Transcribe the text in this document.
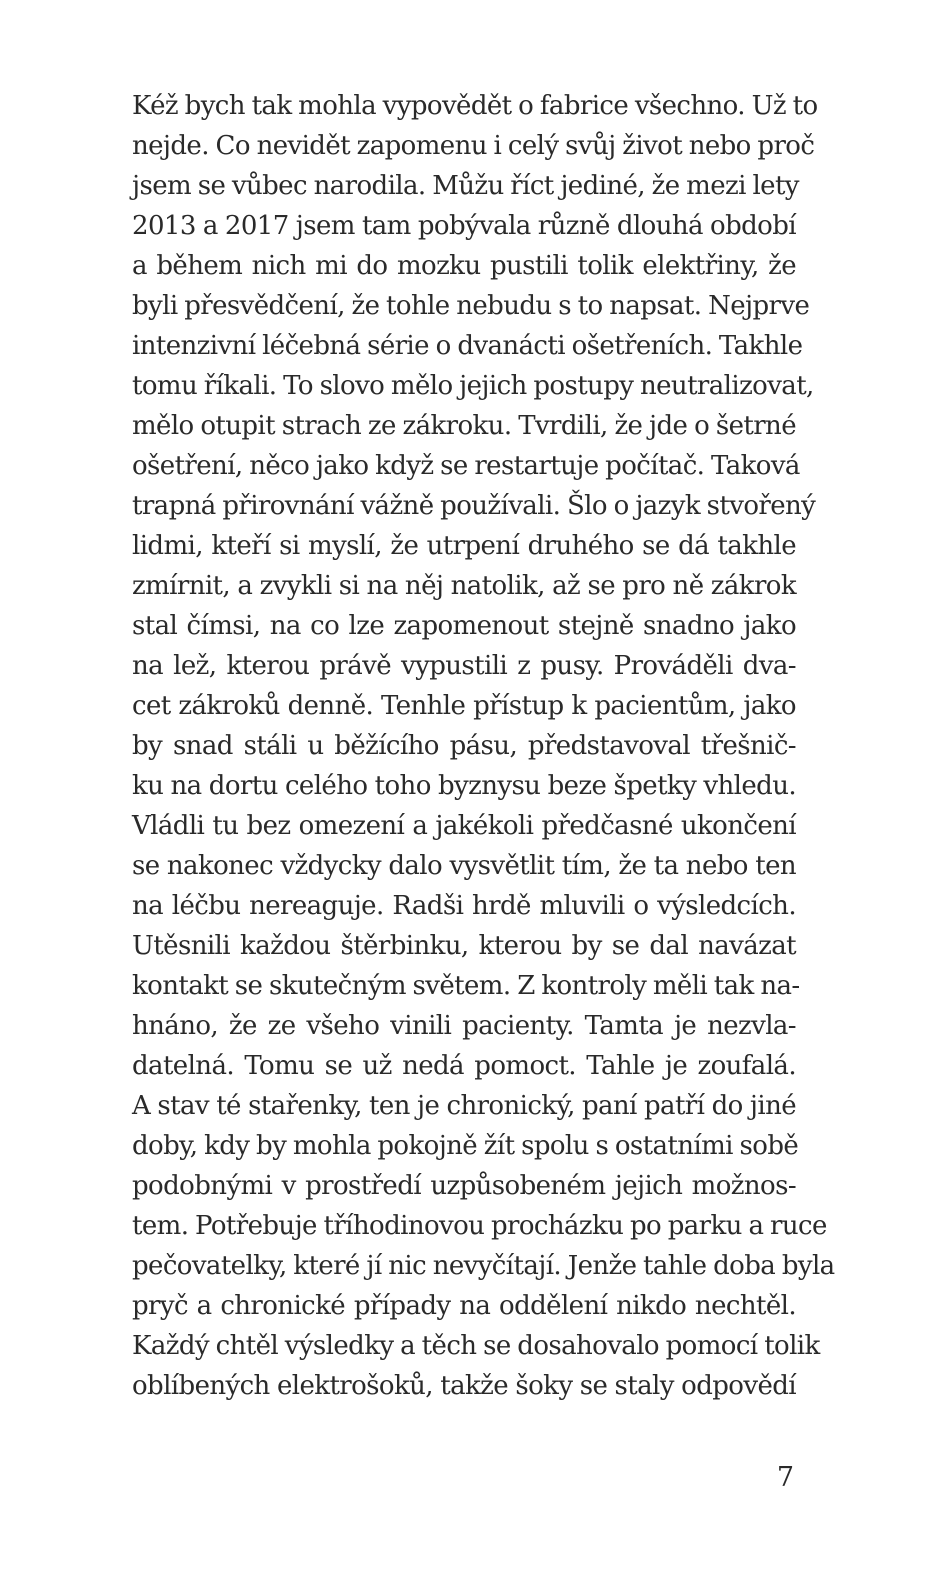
Kéž bych tak mohla vypovědět o fabrice všechno. Už to
nejde. Co nevidět zapomenu i celý svůj život nebo proč
jsem se vůbec narodila. Můžu říct jediné, že mezi lety
2013 a 2017 jsem tam pobývala různě dlouhá období
a během nich mi do mozku pustili tolik elektřiny, že
byli přesvědčení, že tohle nebudu s to napsat. Nejprve
intenzivní léčebná série o dvanácti ošetřeních. Takhle
tomu říkali. To slovo mělo jejich postupy neutralizovat,
mělo otupit strach ze zákroku. Tvrdili, že jde o šetrné
ošetření, něco jako když se restartuje počítač. Taková
trapná přirovnání vážně používali. Šlo o jazyk stvořený
lidmi, kteří si myslí, že utrpení druhého se dá takhle
zmírnit, a zvykli si na něj natolik, až se pro ně zákrok
stal čímsi, na co lze zapomenout stejně snadno jako
na lež, kterou právě vypustili z pusy. Prováděli dva-
cet zákroků denně. Tenhle přístup k pacientům, jako
by snad stáli u běžícího pásu, představoval třešnič-
ku na dortu celého toho byznysu beze špetky vhledu.
Vládli tu bez omezení a jakékoli předčasné ukončení
se nakonec vždycky dalo vysvětlit tím, že ta nebo ten
na léčbu nereaguje. Radši hrdě mluvili o výsledcích.
Utěsnili každou štěrbinku, kterou by se dal navázat
kontakt se skutečným světem. Z kontroly měli tak na-
hnáno, že ze všeho vinili pacienty. Tamta je nezvla-
datelná. Tomu se už nedá pomoct. Tahle je zoufalá.
A stav té stařenky, ten je chronický, paní patří do jiné
doby, kdy by mohla pokojně žít spolu s ostatními sobě
podobnými v prostředí uzpůsobeném jejich možnos-
tem. Potřebuje tříhodinovou procházku po parku a ruce
pečovatelky, které jí nic nevyčítají. Jenže tahle doba byla
pryč a chronické případy na oddělení nikdo nechtěl.
Každý chtěl výsledky a těch se dosahovalo pomocí tolik
oblíbených elektrošoků, takže šoky se staly odpovědí
7
